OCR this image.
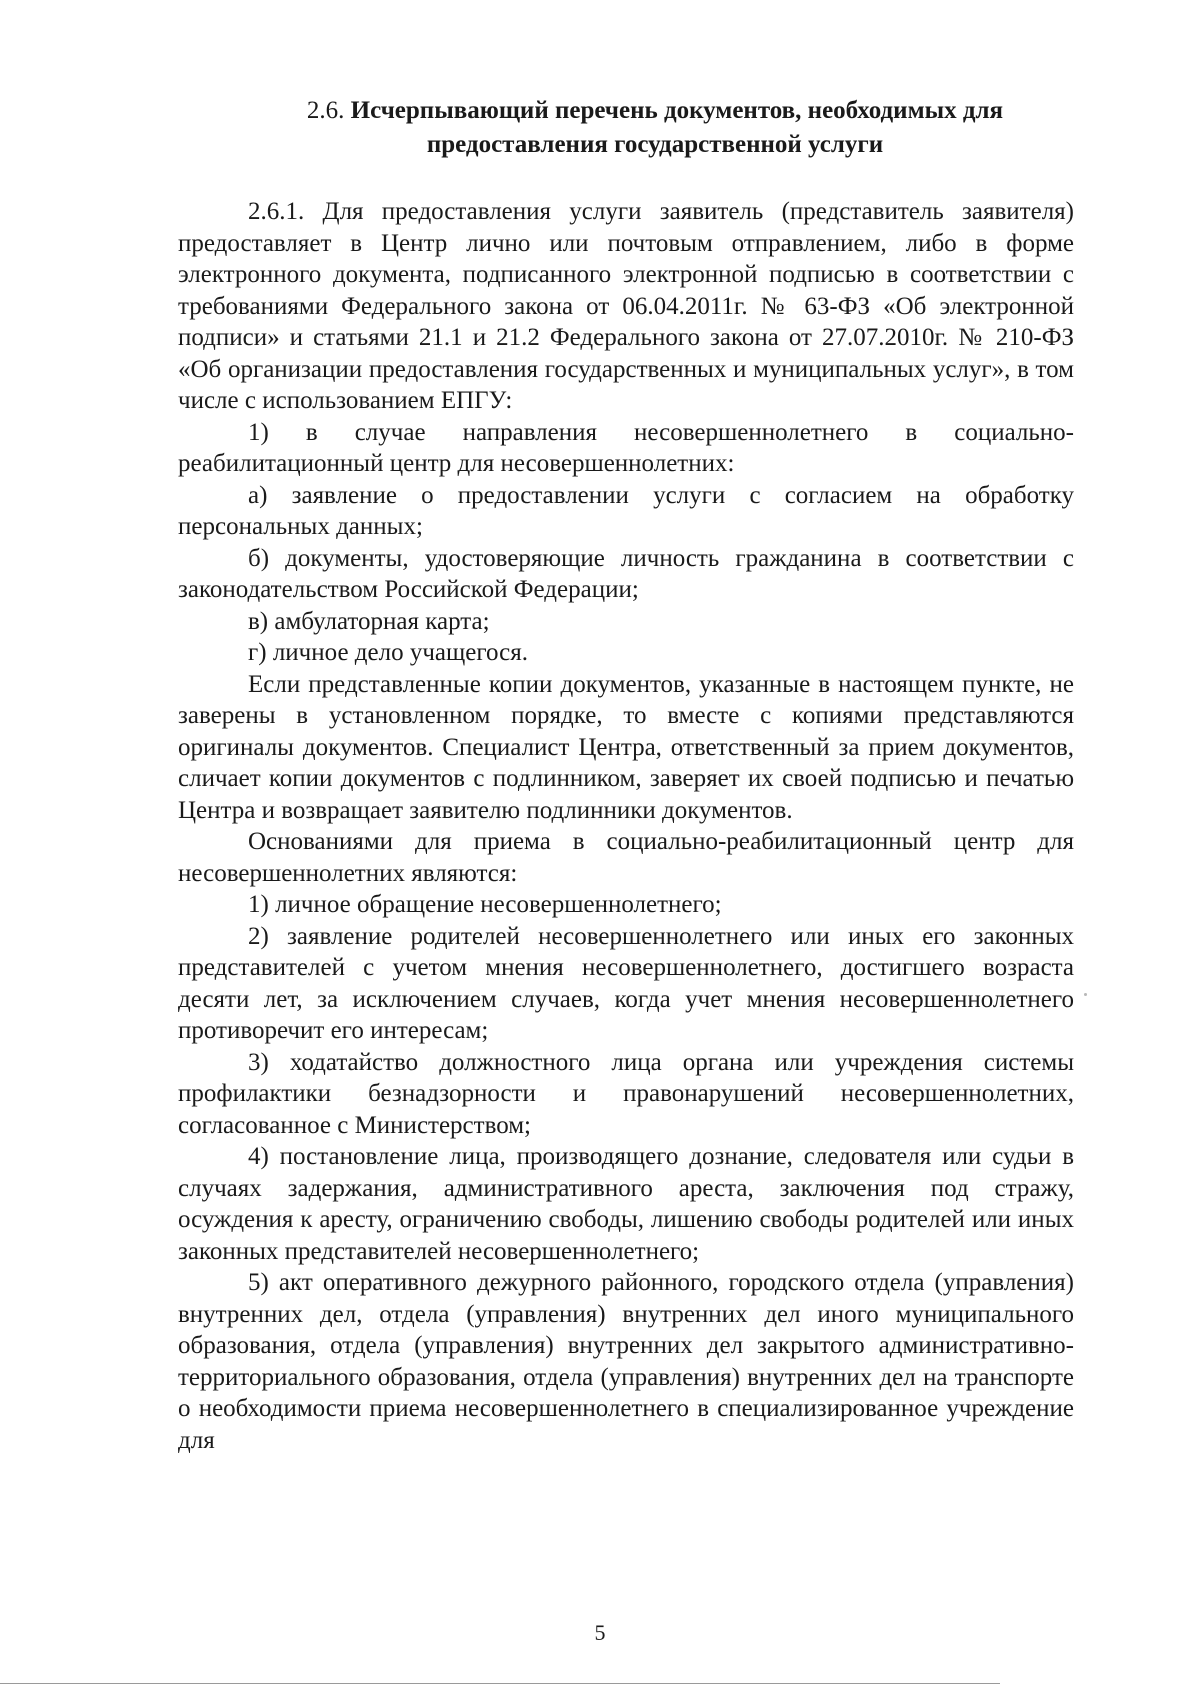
2.6. Исчерпывающий перечень документов, необходимых для предоставления государственной услуги

2.6.1. Для предоставления услуги заявитель (представитель заявителя) предоставляет в Центр лично или почтовым отправлением, либо в форме электронного документа, подписанного электронной подписью в соответствии с требованиями Федерального закона от 06.04.2011г. № 63-ФЗ «Об электронной подписи» и статьями 21.1 и 21.2 Федерального закона от 27.07.2010г. № 210-ФЗ «Об организации предоставления государственных и муниципальных услуг», в том числе с использованием ЕПГУ:

1) в случае направления несовершеннолетнего в социально-реабилитационный центр для несовершеннолетних:

а) заявление о предоставлении услуги с согласием на обработку персональных данных;

б) документы, удостоверяющие личность гражданина в соответствии с законодательством Российской Федерации;

в) амбулаторная карта;

г) личное дело учащегося.

Если представленные копии документов, указанные в настоящем пункте, не заверены в установленном порядке, то вместе с копиями представляются оригиналы документов. Специалист Центра, ответственный за прием документов, сличает копии документов с подлинником, заверяет их своей подписью и печатью Центра и возвращает заявителю подлинники документов.

Основаниями для приема в социально-реабилитационный центр для несовершеннолетних являются:

1) личное обращение несовершеннолетнего;

2) заявление родителей несовершеннолетнего или иных его законных представителей с учетом мнения несовершеннолетнего, достигшего возраста десяти лет, за исключением случаев, когда учет мнения несовершеннолетнего противоречит его интересам;

3) ходатайство должностного лица органа или учреждения системы профилактики безнадзорности и правонарушений несовершеннолетних, согласованное с Министерством;

4) постановление лица, производящего дознание, следователя или судьи в случаях задержания, административного ареста, заключения под стражу, осуждения к аресту, ограничению свободы, лишению свободы родителей или иных законных представителей несовершеннолетнего;

5) акт оперативного дежурного районного, городского отдела (управления) внутренних дел, отдела (управления) внутренних дел иного муниципального образования, отдела (управления) внутренних дел закрытого административно-территориального образования, отдела (управления) внутренних дел на транспорте о необходимости приема несовершеннолетнего в специализированное учреждение для

5
